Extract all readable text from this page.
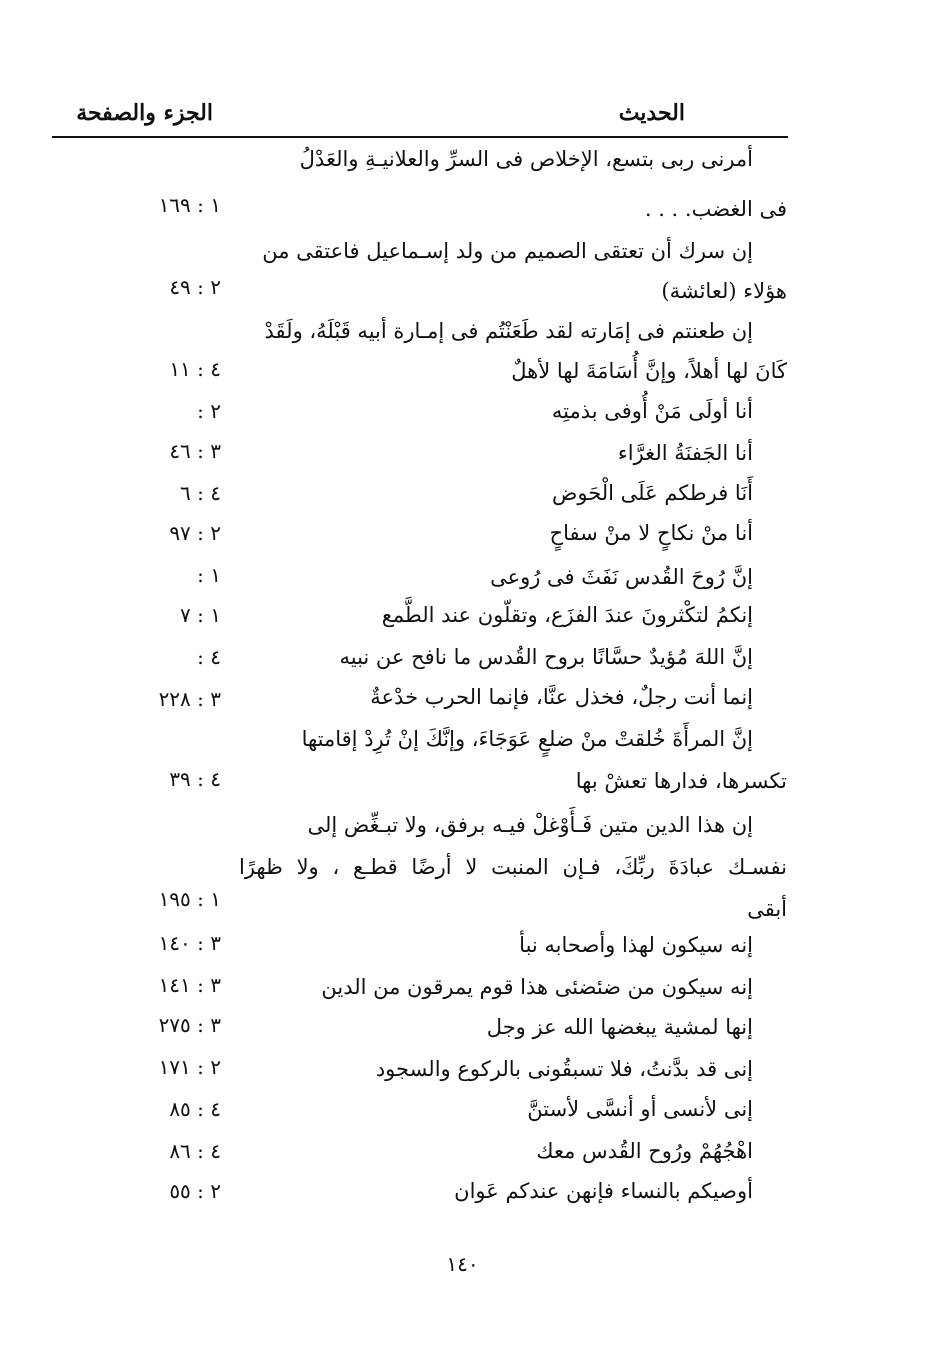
الحديث
الجزء والصفحة
أمرنى ربى بتسع، الإخلاص فى السرِّ والعلانيـةِ والعَدْلُ
فى الغضب. . . .
١ : ١٦٩
إن سرك أن تعتقى الصميم من ولد إسـماعيل فاعتقى من
هؤلاء (لعائشة)
٢ : ٤٩
إن طعنتم فى إمَارته لقد طَعَنْتُم فى إمـارة أبيه قَبْلَهُ، ولَقَدْ
كَانَ لها أهلاً، وإنَّ أُسَامَةَ لها لأهلٌ
٤ : ١١
أنا أولَى مَنْ أُوفى بذمتِه
٢ :
أنا الجَفنَةُ الغرَّاء
٣ : ٤٦
أَنَا فرطكم عَلَى الْحَوض
٤ : ٦
أنا منْ نكاحٍ لا منْ سفاحٍ
٢ : ٩٧
إنَّ رُوحَ القُدس نَفَثَ فى رُوعى
١ :
إنكمُ لتكْثرونَ عندَ الفزَع، وتقلّون عند الطَّمع
١ : ٧
إنَّ اللهَ مُؤيدٌ حسَّانًا بروح القُدس ما نافح عن نبيه
٤ :
إنما أنت رجلٌ، فخذل عنَّا، فإنما الحرب خدْعةٌ
٣ : ٢٢٨
إنَّ المرأَةَ خُلقتْ منْ ضلعٍ عَوَجَاءَ، وإنَّكَ إنْ تُرِدْ إقامتها
تكسرها، فدارها تعشْ بها
٤ : ٣٩
إن هذا الدين متين فَـأَوْغلْ فيـه برفق، ولا تبـغِّض إلى
نفسـك عبادَةَ ربِّكَ، فـإن المنبت لا أرضًا قطـع ، ولا ظهرًا
أبقى
١ : ١٩٥
إنه سيكون لهذا وأصحابه نبأ
٣ : ١٤٠
إنه سيكون من ضئضئى هذا قوم يمرقون من الدين
٣ : ١٤١
إنها لمشية يبغضها الله عز وجل
٣ : ٢٧٥
إنى قد بدَّنتُ، فلا تسبقُونى بالركوع والسجود
٢ : ١٧١
إنى لأنسى أو أنسَّى لأستنَّ
٤ : ٨٥
اهْجُهُمْ ورُوح القُدس معك
٤ : ٨٦
أوصيكم بالنساء فإنهن عندكم عَوان
٢ : ٥٥
١٤٠
